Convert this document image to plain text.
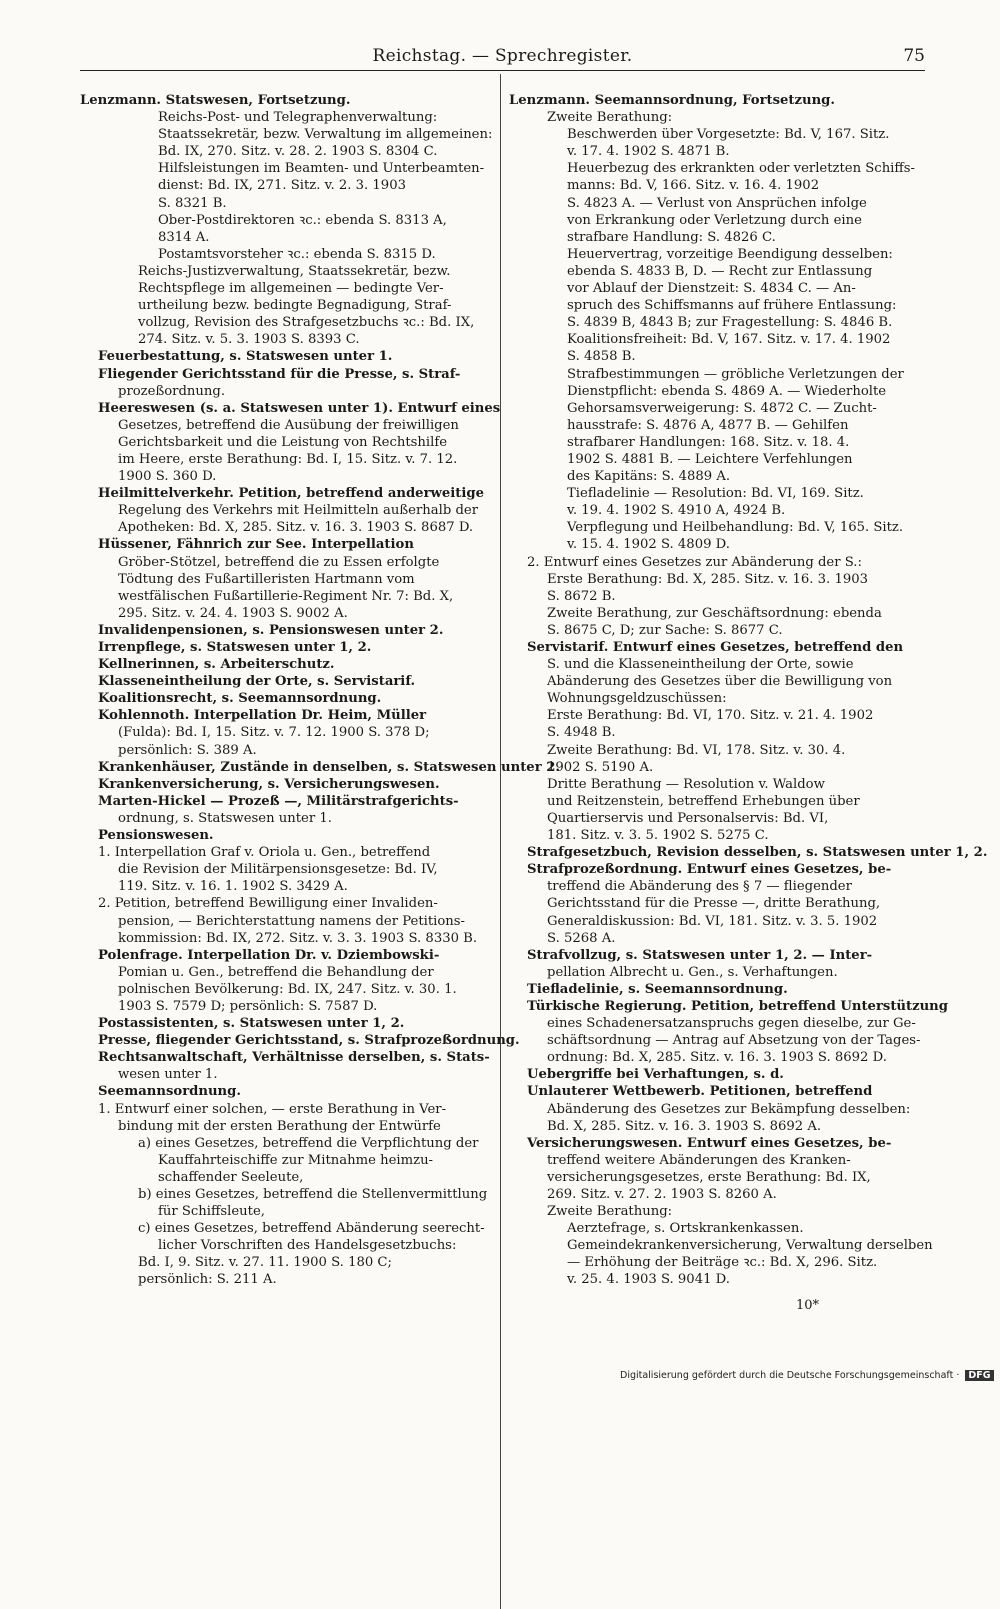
Reichstag. — Sprechregister.	75
Lenzmann. Statswesen, Fortsetzung.
Reichs-Post- und Telegraphenverwaltung:
Staatssekretär, bezw. Verwaltung im allgemeinen:
Bd. IX, 270. Sitz. v. 28. 2. 1903 S. 8304 C.
Hilfsleistungen im Beamten- und Unterbeamten-
dienst: Bd. IX, 271. Sitz. v. 2. 3. 1903
S. 8321 B.
Ober-Postdirektoren ꝛc.: ebenda S. 8313 A,
8314 A.
Postamtsvorsteher ꝛc.: ebenda S. 8315 D.
Reichs-Justizverwaltung, Staatssekretär, bezw.
Rechtspflege im allgemeinen — bedingte Ver-
urtheilung bezw. bedingte Begnadigung, Straf-
vollzug, Revision des Strafgesetzbuchs ꝛc.: Bd. IX,
274. Sitz. v. 5. 3. 1903 S. 8393 C.
Feuerbestattung, s. Statswesen unter 1.
Fliegender Gerichtsstand für die Presse, s. Straf-
prozeßordnung.
Heereswesen (s. a. Statswesen unter 1). Entwurf eines
Gesetzes, betreffend die Ausübung der freiwilligen
Gerichtsbarkeit und die Leistung von Rechtshilfe
im Heere, erste Berathung: Bd. I, 15. Sitz. v. 7. 12.
1900 S. 360 D.
Heilmittelverkehr. Petition, betreffend anderweitige
Regelung des Verkehrs mit Heilmitteln außerhalb der
Apotheken: Bd. X, 285. Sitz. v. 16. 3. 1903 S. 8687 D.
Hüssener, Fähnrich zur See. Interpellation
Gröber-Stötzel, betreffend die zu Essen erfolgte
Tödtung des Fußartilleristen Hartmann vom
westfälischen Fußartillerie-Regiment Nr. 7: Bd. X,
295. Sitz. v. 24. 4. 1903 S. 9002 A.
Invalidenpensionen, s. Pensionswesen unter 2.
Irrenpflege, s. Statswesen unter 1, 2.
Kellnerinnen, s. Arbeiterschutz.
Klasseneintheilung der Orte, s. Servistarif.
Koalitionsrecht, s. Seemannsordnung.
Kohlennoth. Interpellation Dr. Heim, Müller
(Fulda): Bd. I, 15. Sitz. v. 7. 12. 1900 S. 378 D;
persönlich: S. 389 A.
Krankenhäuser, Zustände in denselben, s. Statswesen unter 2.
Krankenversicherung, s. Versicherungswesen.
Marten-Hickel — Prozeß —, Militärstrafgerichts-
ordnung, s. Statswesen unter 1.
Pensionswesen.
1. Interpellation Graf v. Oriola u. Gen., betreffend
die Revision der Militärpensionsgesetze: Bd. IV,
119. Sitz. v. 16. 1. 1902 S. 3429 A.
2. Petition, betreffend Bewilligung einer Invaliden-
pension, — Berichterstattung namens der Petitions-
kommission: Bd. IX, 272. Sitz. v. 3. 3. 1903 S. 8330 B.
Polenfrage. Interpellation Dr. v. Dziembowski-
Pomian u. Gen., betreffend die Behandlung der
polnischen Bevölkerung: Bd. IX, 247. Sitz. v. 30. 1.
1903 S. 7579 D; persönlich: S. 7587 D.
Postassistenten, s. Statswesen unter 1, 2.
Presse, fliegender Gerichtsstand, s. Strafprozeßordnung.
Rechtsanwaltschaft, Verhältnisse derselben, s. Stats-
wesen unter 1.
Seemannsordnung.
1. Entwurf einer solchen, — erste Berathung in Ver-
bindung mit der ersten Berathung der Entwürfe
a) eines Gesetzes, betreffend die Verpflichtung der
Kauffahrteischiffe zur Mitnahme heimzu-
schaffender Seeleute,
b) eines Gesetzes, betreffend die Stellenvermittlung
für Schiffsleute,
c) eines Gesetzes, betreffend Abänderung seerecht-
licher Vorschriften des Handelsgesetzbuchs:
Bd. I, 9. Sitz. v. 27. 11. 1900 S. 180 C;
persönlich: S. 211 A.
Lenzmann. Seemannsordnung, Fortsetzung.
Zweite Berathung:
Beschwerden über Vorgesetzte: Bd. V, 167. Sitz.
v. 17. 4. 1902 S. 4871 B.
Heuerbezug des erkrankten oder verletzten Schiffs-
manns: Bd. V, 166. Sitz. v. 16. 4. 1902
S. 4823 A. — Verlust von Ansprüchen infolge
von Erkrankung oder Verletzung durch eine
strafbare Handlung: S. 4826 C.
Heuervertrag, vorzeitige Beendigung desselben:
ebenda S. 4833 B, D. — Recht zur Entlassung
vor Ablauf der Dienstzeit: S. 4834 C. — An-
spruch des Schiffsmanns auf frühere Entlassung:
S. 4839 B, 4843 B; zur Fragestellung: S. 4846 B.
Koalitionsfreiheit: Bd. V, 167. Sitz. v. 17. 4. 1902
S. 4858 B.
Strafbestimmungen — gröbliche Verletzungen der
Dienstpflicht: ebenda S. 4869 A. — Wiederholte
Gehorsamsverweigerung: S. 4872 C. — Zucht-
hausstrafe: S. 4876 A, 4877 B. — Gehilfen
strafbarer Handlungen: 168. Sitz. v. 18. 4.
1902 S. 4881 B. — Leichtere Verfehlungen
des Kapitäns: S. 4889 A.
Tiefladelinie — Resolution: Bd. VI, 169. Sitz.
v. 19. 4. 1902 S. 4910 A, 4924 B.
Verpflegung und Heilbehandlung: Bd. V, 165. Sitz.
v. 15. 4. 1902 S. 4809 D.
2. Entwurf eines Gesetzes zur Abänderung der S.:
Erste Berathung: Bd. X, 285. Sitz. v. 16. 3. 1903
S. 8672 B.
Zweite Berathung, zur Geschäftsordnung: ebenda
S. 8675 C, D; zur Sache: S. 8677 C.
Servistarif. Entwurf eines Gesetzes, betreffend den
S. und die Klasseneintheilung der Orte, sowie
Abänderung des Gesetzes über die Bewilligung von
Wohnungsgeldzuschüssen:
Erste Berathung: Bd. VI, 170. Sitz. v. 21. 4. 1902
S. 4948 B.
Zweite Berathung: Bd. VI, 178. Sitz. v. 30. 4.
1902 S. 5190 A.
Dritte Berathung — Resolution v. Waldow
und Reitzenstein, betreffend Erhebungen über
Quartierservis und Personalservis: Bd. VI,
181. Sitz. v. 3. 5. 1902 S. 5275 C.
Strafgesetzbuch, Revision desselben, s. Statswesen unter 1, 2.
Strafprozeßordnung. Entwurf eines Gesetzes, be-
treffend die Abänderung des § 7 — fliegender
Gerichtsstand für die Presse —, dritte Berathung,
Generaldiskussion: Bd. VI, 181. Sitz. v. 3. 5. 1902
S. 5268 A.
Strafvollzug, s. Statswesen unter 1, 2. — Inter-
pellation Albrecht u. Gen., s. Verhaftungen.
Tiefladelinie, s. Seemannsordnung.
Türkische Regierung. Petition, betreffend Unterstützung
eines Schadenersatzanspruchs gegen dieselbe, zur Ge-
schäftsordnung — Antrag auf Absetzung von der Tages-
ordnung: Bd. X, 285. Sitz. v. 16. 3. 1903 S. 8692 D.
Uebergriffe bei Verhaftungen, s. d.
Unlauterer Wettbewerb. Petitionen, betreffend
Abänderung des Gesetzes zur Bekämpfung desselben:
Bd. X, 285. Sitz. v. 16. 3. 1903 S. 8692 A.
Versicherungswesen. Entwurf eines Gesetzes, be-
treffend weitere Abänderungen des Kranken-
versicherungsgesetzes, erste Berathung: Bd. IX,
269. Sitz. v. 27. 2. 1903 S. 8260 A.
Zweite Berathung:
Aerztefrage, s. Ortskrankenkassen.
Gemeindekrankenversicherung, Verwaltung derselben
— Erhöhung der Beiträge ꝛc.: Bd. X, 296. Sitz.
v. 25. 4. 1903 S. 9041 D.
10*
Digitalisierung gefördert durch die Deutsche Forschungsgemeinschaft · DFG
